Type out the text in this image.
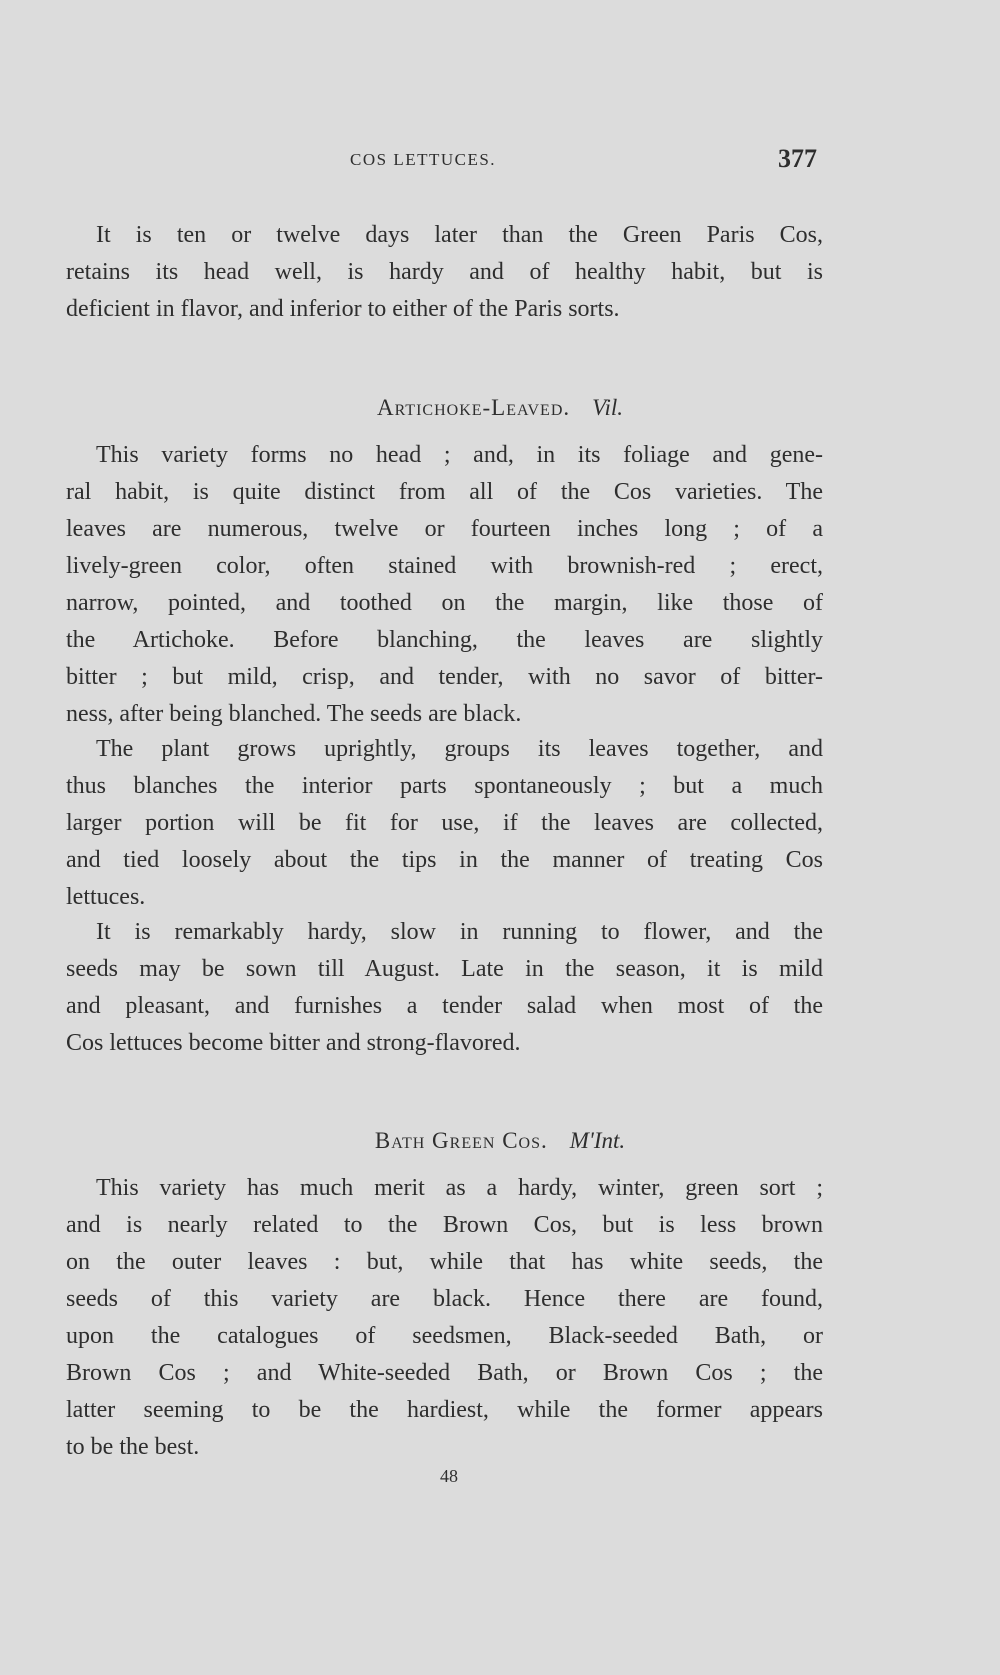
COS LETTUCES.	377
It is ten or twelve days later than the Green Paris Cos,
retains its head well, is hardy and of healthy habit, but is
deficient in flavor, and inferior to either of the Paris sorts.
Artichoke-Leaved. Vil.
This variety forms no head ; and, in its foliage and gene-
ral habit, is quite distinct from all of the Cos varieties. The
leaves are numerous, twelve or fourteen inches long ; of a
lively-green color, often stained with brownish-red ; erect,
narrow, pointed, and toothed on the margin, like those of
the Artichoke. Before blanching, the leaves are slightly
bitter ; but mild, crisp, and tender, with no savor of bitter-
ness, after being blanched. The seeds are black.
The plant grows uprightly, groups its leaves together, and
thus blanches the interior parts spontaneously ; but a much
larger portion will be fit for use, if the leaves are collected,
and tied loosely about the tips in the manner of treating Cos
lettuces.
It is remarkably hardy, slow in running to flower, and the
seeds may be sown till August. Late in the season, it is mild
and pleasant, and furnishes a tender salad when most of the
Cos lettuces become bitter and strong-flavored.
Bath Green Cos. M'Int.
This variety has much merit as a hardy, winter, green sort ;
and is nearly related to the Brown Cos, but is less brown
on the outer leaves : but, while that has white seeds, the
seeds of this variety are black. Hence there are found,
upon the catalogues of seedsmen, Black-seeded Bath, or
Brown Cos ; and White-seeded Bath, or Brown Cos ; the
latter seeming to be the hardiest, while the former appears
to be the best.
48
